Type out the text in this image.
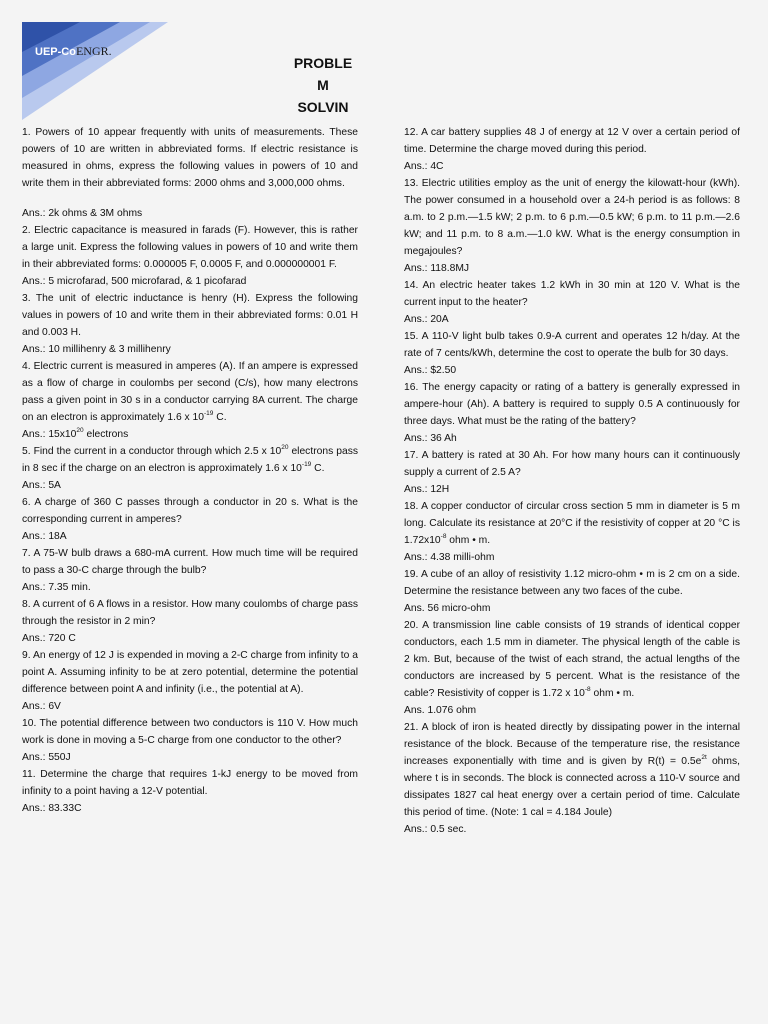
UEP-CoENGR.
PROBLE
M
SOLVIN

1. Powers of 10 appear frequently with units of measurements. These powers of 10 are written in abbreviated forms. If electric resistance is measured in ohms, express the following values in powers of 10 and write them in their abbreviated forms: 2000 ohms and 3,000,000 ohms.

Ans.: 2k ohms & 3M ohms

2. Electric capacitance is measured in farads (F). However, this is rather a large unit. Express the following values in powers of 10 and write them in their abbreviated forms: 0.000005 F, 0.0005 F, and 0.000000001 F.

Ans.: 5 microfarad, 500 microfarad, & 1 picofarad

3. The unit of electric inductance is henry (H). Express the following values in powers of 10 and write them in their abbreviated forms: 0.01 H and 0.003 H.

Ans.: 10 millihenry & 3 millihenry

4. Electric current is measured in amperes (A). If an ampere is expressed as a flow of charge in coulombs per second (C/s), how many electrons pass a given point in 30 s in a conductor carrying 8A current. The charge on an electron is approximately 1.6 x $10^{-19}$ C.

Ans.: $15x10^{20}$ electrons

5. Find the current in a conductor through which 2.5 x $10^{20}$ electrons pass in 8 sec if the charge on an electron is approximately 1.6 x $10^{-19}$ C.

Ans.: 5A

6. A charge of 360 C passes through a conductor in 20 s. What is the corresponding current in amperes?

Ans.: 18A

7. A 75-W bulb draws a 680-mA current. How much time will be required to pass a 30-C charge through the bulb?

Ans.: 7.35 min.

8. A current of 6 A flows in a resistor. How many coulombs of charge pass through the resistor in 2 min?

Ans.: 720 C

9. An energy of 12 J is expended in moving a 2-C charge from infinity to a point A. Assuming infinity to be at zero potential, determine the potential difference between point A and infinity (i.e., the potential at A).

Ans.: 6V

10. The potential difference between two conductors is 110 V. How much work is done in moving a 5-C charge from one conductor to the other?

Ans.: 550J

11. Determine the charge that requires 1-kJ energy to be moved from infinity to a point having a 12-V potential.

Ans.: 83.33C

12. A car battery supplies 48 J of energy at 12 V over a certain period of time. Determine the charge moved during this period.

Ans.: 4C

13. Electric utilities employ as the unit of energy the kilowatt-hour (kWh). The power consumed in a household over a 24-h period is as follows: 8 a.m. to 2 p.m.—1.5 kW; 2 p.m. to 6 p.m.—0.5 kW; 6 p.m. to 11 p.m.—2.6 kW; and 11 p.m. to 8 a.m.—1.0 kW. What is the energy consumption in megajoules?

Ans.: 118.8MJ

14. An electric heater takes 1.2 kWh in 30 min at 120 V. What is the current input to the heater?

Ans.: 20A

15. A 110-V light bulb takes 0.9-A current and operates 12 h/day. At the rate of 7 cents/kWh, determine the cost to operate the bulb for 30 days.

Ans.: $2.50

16. The energy capacity or rating of a battery is generally expressed in ampere-hour (Ah). A battery is required to supply 0.5 A continuously for three days. What must be the rating of the battery?

Ans.: 36 Ah

17. A battery is rated at 30 Ah. For how many hours can it continuously supply a current of 2.5 A?

Ans.: 12H

18. A copper conductor of circular cross section 5 mm in diameter is 5 m long. Calculate its resistance at 20°C if the resistivity of copper at 20 °C is $1.72x10^{-8}$ ohm • m.

Ans.: 4.38 milli-ohm

19. A cube of an alloy of resistivity 1.12 micro-ohm • m is 2 cm on a side. Determine the resistance between any two faces of the cube.

Ans. 56 micro-ohm

20. A transmission line cable consists of 19 strands of identical copper conductors, each 1.5 mm in diameter. The physical length of the cable is 2 km. But, because of the twist of each strand, the actual lengths of the conductors are increased by 5 percent. What is the resistance of the cable? Resistivity of copper is 1.72 x $10^{-8}$ ohm • m.

Ans. 1.076 ohm

21. A block of iron is heated directly by dissipating power in the internal resistance of the block. Because of the temperature rise, the resistance increases exponentially with time and is given by $R(t) = 0.5e^{2t}$ ohms, where t is in seconds. The block is connected across a 110-V source and dissipates 1827 cal heat energy over a certain period of time. Calculate this period of time. (Note: 1 cal = 4.184 Joule)

Ans.: 0.5 sec.
